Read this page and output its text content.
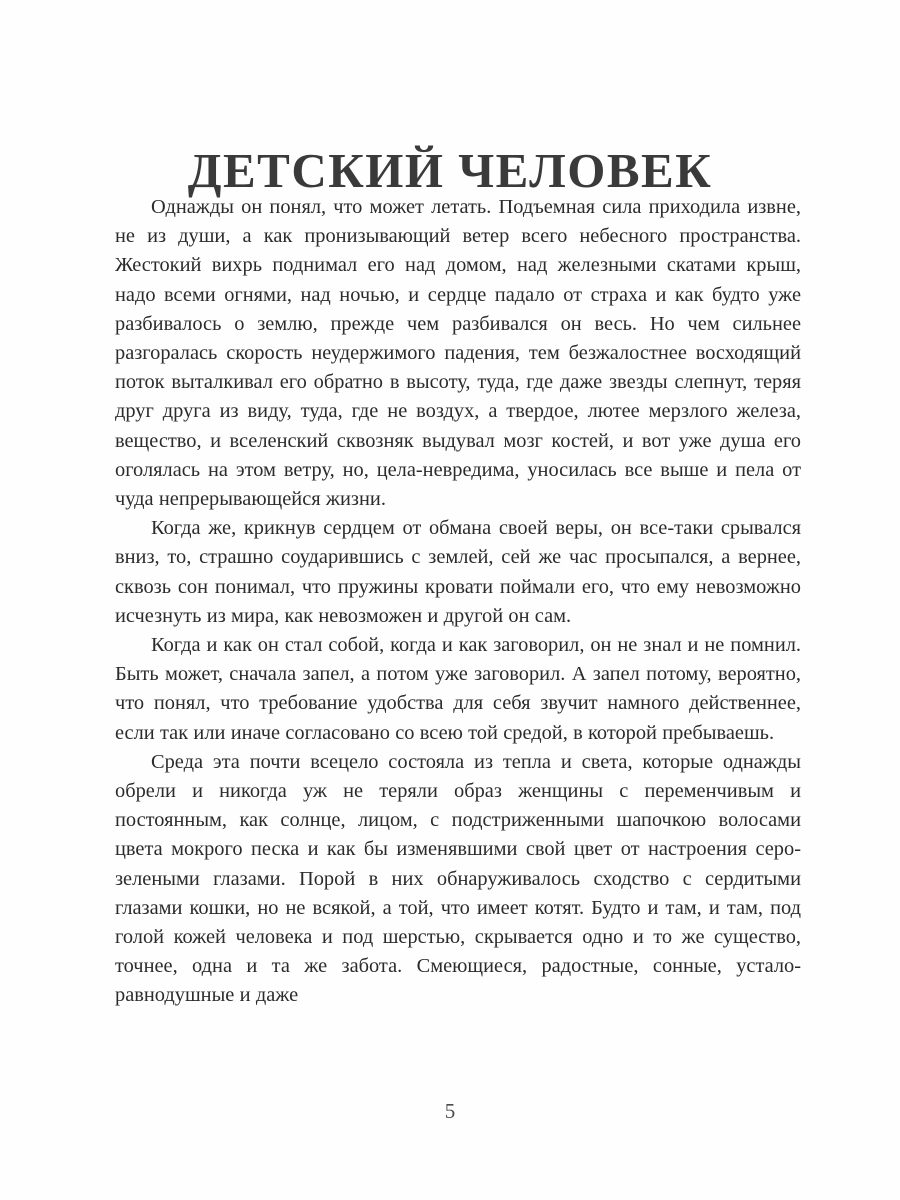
ДЕТСКИЙ ЧЕЛОВЕК

Однажды он понял, что может летать. Подъемная сила приходила извне, не из души, а как пронизывающий ветер всего небесного пространства. Жестокий вихрь поднимал его над домом, над железными скатами крыш, надо всеми огнями, над ночью, и сердце падало от страха и как будто уже разбивалось о землю, прежде чем разбивался он весь. Но чем сильнее разгоралась скорость неудержимого падения, тем безжалостнее восходящий поток выталкивал его обратно в высоту, туда, где даже звезды слепнут, теряя друг друга из виду, туда, где не воздух, а твердое, лютее мерзлого железа, вещество, и вселенский сквозняк выдувал мозг костей, и вот уже душа его оголялась на этом ветру, но, цела-невредима, уносилась все выше и пела от чуда непрерывающейся жизни.

Когда же, крикнув сердцем от обмана своей веры, он все-таки срывался вниз, то, страшно соударившись с землей, сей же час просыпался, а вернее, сквозь сон понимал, что пружины кровати поймали его, что ему невозможно исчезнуть из мира, как невозможен и другой он сам.

Когда и как он стал собой, когда и как заговорил, он не знал и не помнил. Быть может, сначала запел, а потом уже заговорил. А запел потому, вероятно, что понял, что требование удобства для себя звучит намного действеннее, если так или иначе согласовано со всею той средой, в которой пребываешь.

Среда эта почти всецело состояла из тепла и света, которые однажды обрели и никогда уж не теряли образ женщины с переменчивым и постоянным, как солнце, лицом, с подстриженными шапочкою волосами цвета мокрого песка и как бы изменявшими свой цвет от настроения серо-зелеными глазами. Порой в них обнаруживалось сходство с сердитыми глазами кошки, но не всякой, а той, что имеет котят. Будто и там, и там, под голой кожей человека и под шерстью, скрывается одно и то же существо, точнее, одна и та же забота. Смеющиеся, радостные, сонные, устало-равнодушные и даже

5
